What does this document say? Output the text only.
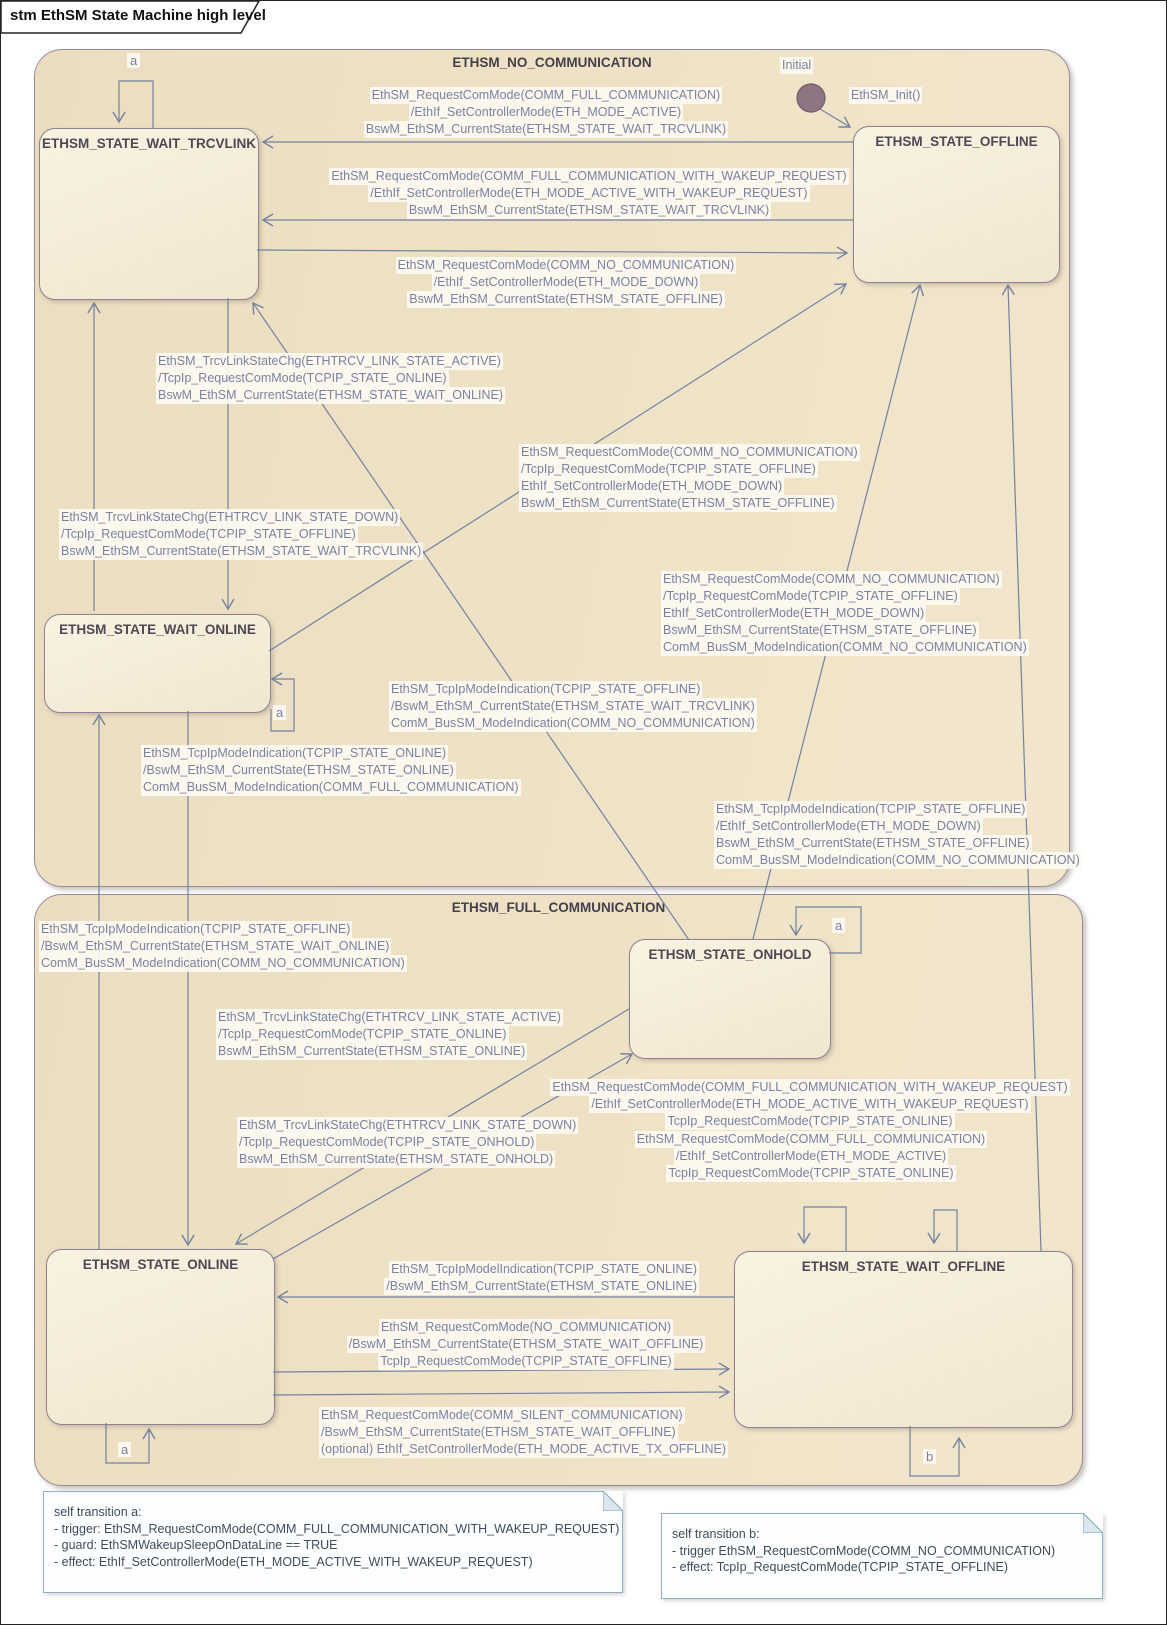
ETHSM_NO_COMMUNICATION
ETHSM_FULL_COMMUNICATION
ETHSM_STATE_WAIT_TRCVLINK	ETHSM_STATE_OFFLINE
ETHSM_STATE_WAIT_ONLINE
ETHSM_STATE_ONHOLD
ETHSM_STATE_ONLINE	ETHSM_STATE_WAIT_OFFLINE
Initial
EthSM_Init()
a
a
a
a	b
EthSM_RequestComMode(COMM_FULL_COMMUNICATION)
/EthIf_SetControllerMode(ETH_MODE_ACTIVE)
BswM_EthSM_CurrentState(ETHSM_STATE_WAIT_TRCVLINK)

EthSM_RequestComMode(COMM_FULL_COMMUNICATION_WITH_WAKEUP_REQUEST)
/EthIf_SetControllerMode(ETH_MODE_ACTIVE_WITH_WAKEUP_REQUEST)
BswM_EthSM_CurrentState(ETHSM_STATE_WAIT_TRCVLINK)

EthSM_RequestComMode(COMM_NO_COMMUNICATION)
/EthIf_SetControllerMode(ETH_MODE_DOWN)
BswM_EthSM_CurrentState(ETHSM_STATE_OFFLINE)

EthSM_TrcvLinkStateChg(ETHTRCV_LINK_STATE_ACTIVE)
/TcpIp_RequestComMode(TCPIP_STATE_ONLINE)
BswM_EthSM_CurrentState(ETHSM_STATE_WAIT_ONLINE)

EthSM_TrcvLinkStateChg(ETHTRCV_LINK_STATE_DOWN)
/TcpIp_RequestComMode(TCPIP_STATE_OFFLINE)
BswM_EthSM_CurrentState(ETHSM_STATE_WAIT_TRCVLINK)

EthSM_RequestComMode(COMM_NO_COMMUNICATION)
/TcpIp_RequestComMode(TCPIP_STATE_OFFLINE)
EthIf_SetControllerMode(ETH_MODE_DOWN)
BswM_EthSM_CurrentState(ETHSM_STATE_OFFLINE)

EthSM_RequestComMode(COMM_NO_COMMUNICATION)
/TcpIp_RequestComMode(TCPIP_STATE_OFFLINE)
EthIf_SetControllerMode(ETH_MODE_DOWN)
BswM_EthSM_CurrentState(ETHSM_STATE_OFFLINE)
ComM_BusSM_ModeIndication(COMM_NO_COMMUNICATION)

EthSM_TcpIpModeIndication(TCPIP_STATE_OFFLINE)
/BswM_EthSM_CurrentState(ETHSM_STATE_WAIT_TRCVLINK)
ComM_BusSM_ModeIndication(COMM_NO_COMMUNICATION)

EthSM_TcpIpModeIndication(TCPIP_STATE_ONLINE)
/BswM_EthSM_CurrentState(ETHSM_STATE_ONLINE)
ComM_BusSM_ModeIndication(COMM_FULL_COMMUNICATION)

EthSM_TcpIpModeIndication(TCPIP_STATE_OFFLINE)
/EthIf_SetControllerMode(ETH_MODE_DOWN)
BswM_EthSM_CurrentState(ETHSM_STATE_OFFLINE)
ComM_BusSM_ModeIndication(COMM_NO_COMMUNICATION)

EthSM_TcpIpModeIndication(TCPIP_STATE_OFFLINE)
/BswM_EthSM_CurrentState(ETHSM_STATE_WAIT_ONLINE)
ComM_BusSM_ModeIndication(COMM_NO_COMMUNICATION)

EthSM_TrcvLinkStateChg(ETHTRCV_LINK_STATE_ACTIVE)
/TcpIp_RequestComMode(TCPIP_STATE_ONLINE)
BswM_EthSM_CurrentState(ETHSM_STATE_ONLINE)

EthSM_TrcvLinkStateChg(ETHTRCV_LINK_STATE_DOWN)
/TcpIp_RequestComMode(TCPIP_STATE_ONHOLD)
BswM_EthSM_CurrentState(ETHSM_STATE_ONHOLD)

EthSM_RequestComMode(COMM_FULL_COMMUNICATION_WITH_WAKEUP_REQUEST)
/EthIf_SetControllerMode(ETH_MODE_ACTIVE_WITH_WAKEUP_REQUEST)
TcpIp_RequestComMode(TCPIP_STATE_ONLINE)

EthSM_RequestComMode(COMM_FULL_COMMUNICATION)
/EthIf_SetControllerMode(ETH_MODE_ACTIVE)
TcpIp_RequestComMode(TCPIP_STATE_ONLINE)

EthSM_TcpIpModelIndication(TCPIP_STATE_ONLINE)
/BswM_EthSM_CurrentState(ETHSM_STATE_ONLINE)

EthSM_RequestComMode(NO_COMMUNICATION)
/BswM_EthSM_CurrentState(ETHSM_STATE_WAIT_OFFLINE)
TcpIp_RequestComMode(TCPIP_STATE_OFFLINE)

EthSM_RequestComMode(COMM_SILENT_COMMUNICATION)
/BswM_EthSM_CurrentState(ETHSM_STATE_WAIT_OFFLINE)
(optional) EthIf_SetControllerMode(ETH_MODE_ACTIVE_TX_OFFLINE)

self transition a:
- trigger: EthSM_RequestComMode(COMM_FULL_COMMUNICATION_WITH_WAKEUP_REQUEST)
- guard: EthSMWakeupSleepOnDataLine == TRUE
- effect: EthIf_SetControllerMode(ETH_MODE_ACTIVE_WITH_WAKEUP_REQUEST)

self transition b:
- trigger EthSM_RequestComMode(COMM_NO_COMMUNICATION)
- effect: TcpIp_RequestComMode(TCPIP_STATE_OFFLINE)

stm EthSM State Machine high level
